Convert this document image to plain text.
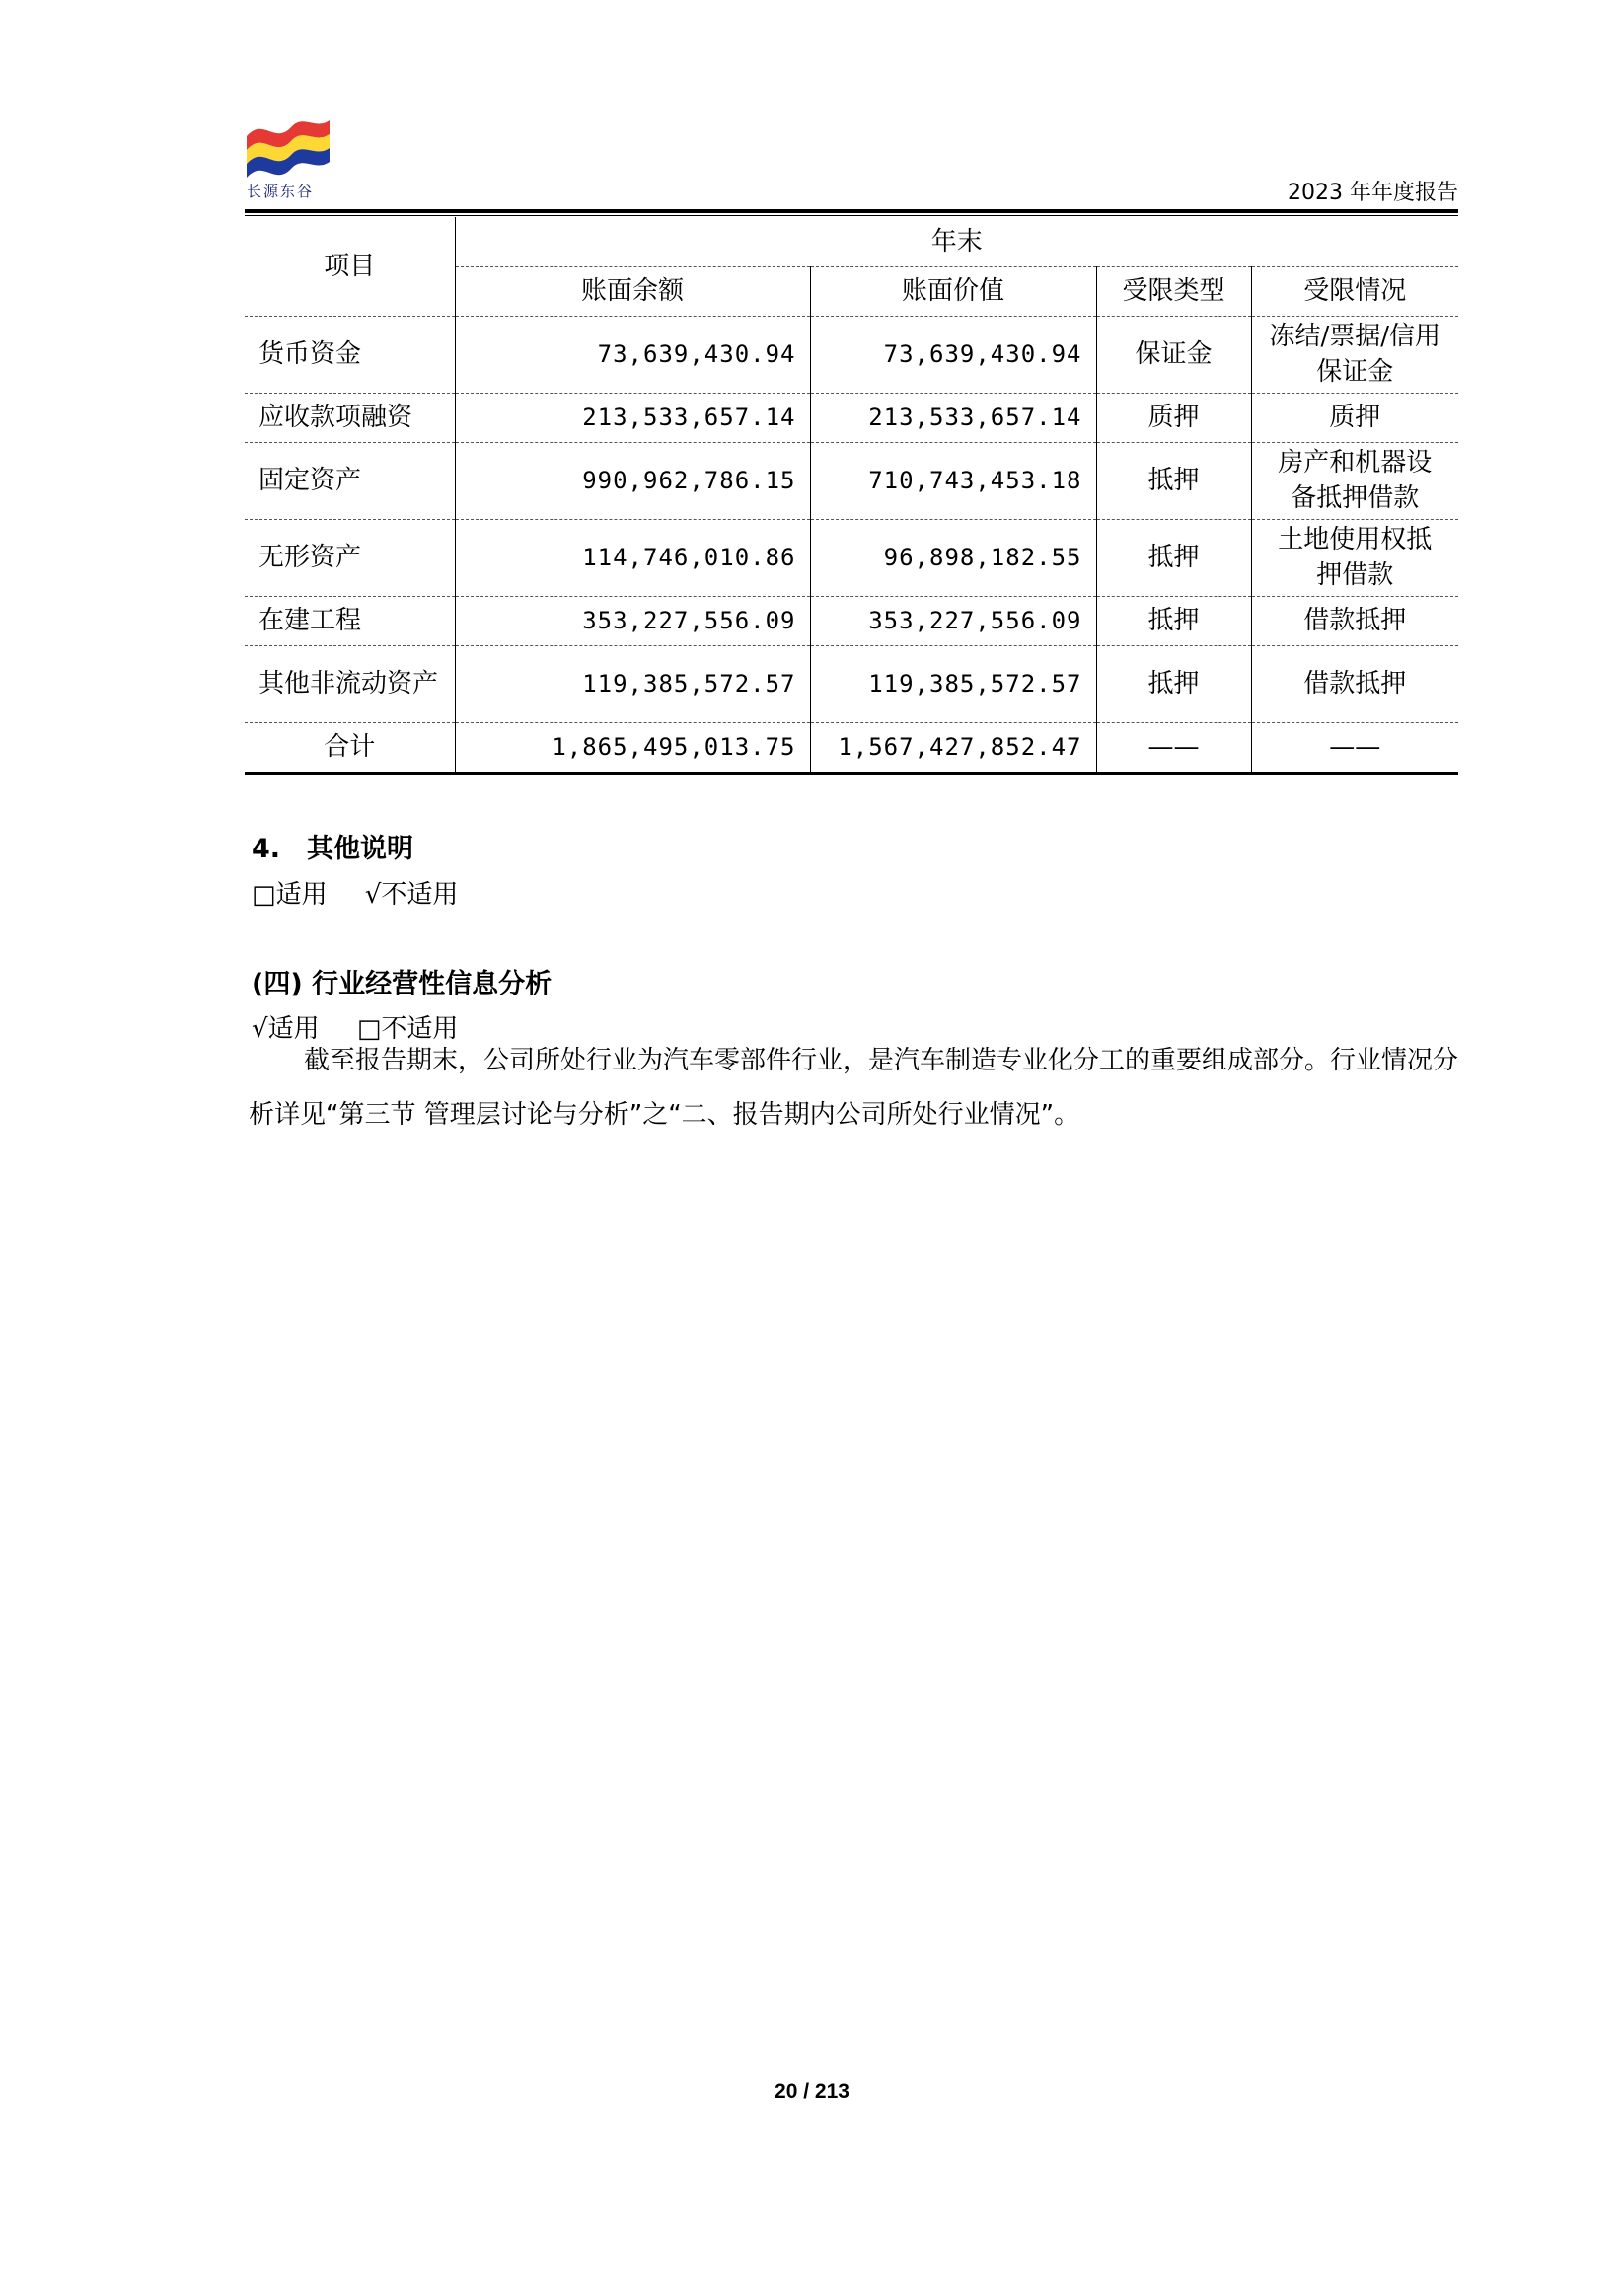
长源东谷	2023 年年度报告
项目	年末			
	账面余额	账面价值	受限类型	受限情况
货币资金	73,639,430.94	73,639,430.94	保证金	冻结/票据/信用保证金
应收款项融资	213,533,657.14	213,533,657.14	质押	质押
固定资产	990,962,786.15	710,743,453.18	抵押	房产和机器设备抵押借款
无形资产	114,746,010.86	96,898,182.55	抵押	土地使用权抵押借款
在建工程	353,227,556.09	353,227,556.09	抵押	借款抵押
其他非流动资产	119,385,572.57	119,385,572.57	抵押	借款抵押
合计	1,865,495,013.75	1,567,427,852.47	——	——
4.　其他说明
□适用 √不适用
(四) 行业经营性信息分析
√适用 □不适用
截至报告期末，公司所处行业为汽车零部件行业，是汽车制造专业化分工的重要组成部分。行业情况分析详见“第三节 管理层讨论与分析”之“二、报告期内公司所处行业情况”。
20 / 213
